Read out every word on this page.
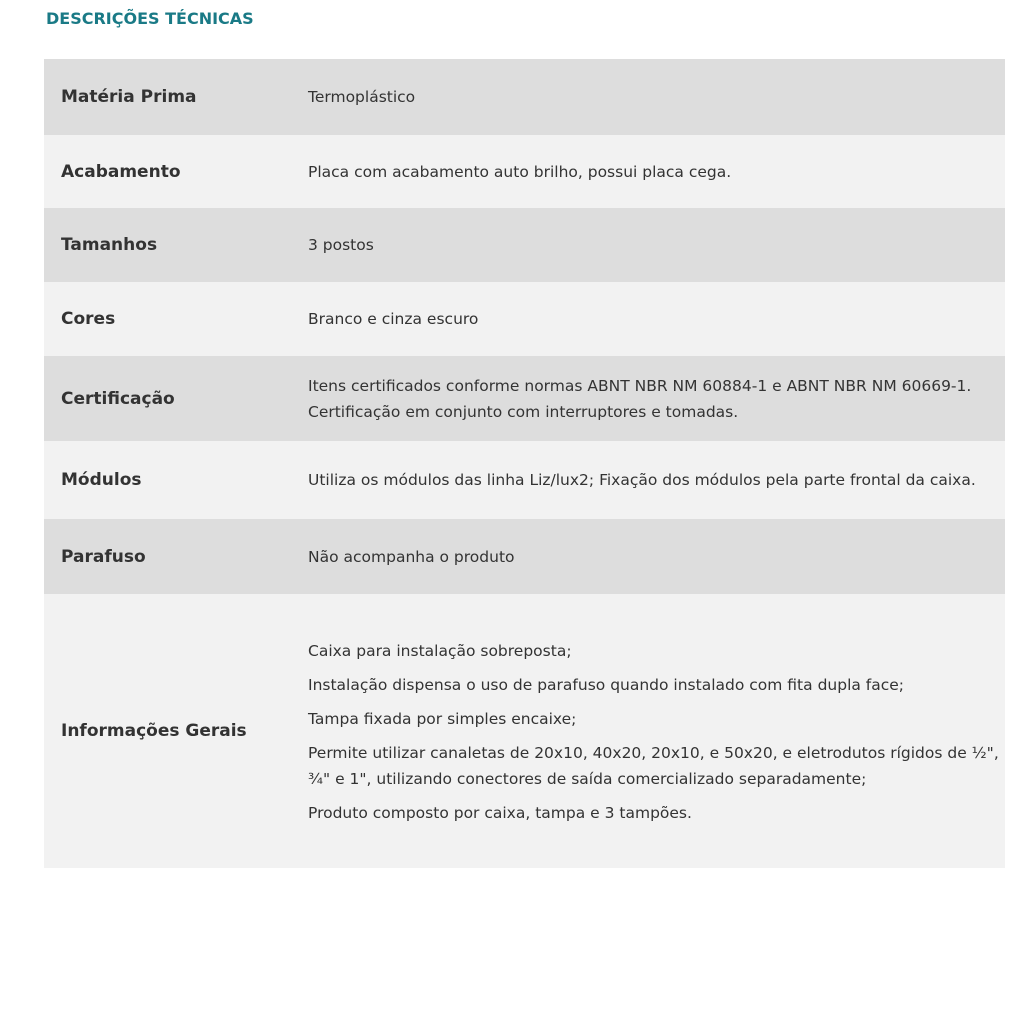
DESCRIÇÕES TÉCNICAS
Matéria Prima	Termoplástico
Acabamento	Placa com acabamento auto brilho, possui placa cega.
Tamanhos	3 postos
Cores	Branco e cinza escuro
Certificação	Itens certificados conforme normas ABNT NBR NM 60884-1 e ABNT NBR NM 60669-1. Certificação em conjunto com interruptores e tomadas.
Módulos	Utiliza os módulos das linha Liz/lux2; Fixação dos módulos pela parte frontal da caixa.
Parafuso	Não acompanha o produto
Informações Gerais	Caixa para instalação sobreposta;

Instalação dispensa o uso de parafuso quando instalado com fita dupla face;

Tampa fixada por simples encaixe;

Permite utilizar canaletas de 20x10, 40x20, 20x10, e 50x20, e eletrodutos rígidos de ½", ¾" e 1", utilizando conectores de saída comercializado separadamente;

Produto composto por caixa, tampa e 3 tampões.
